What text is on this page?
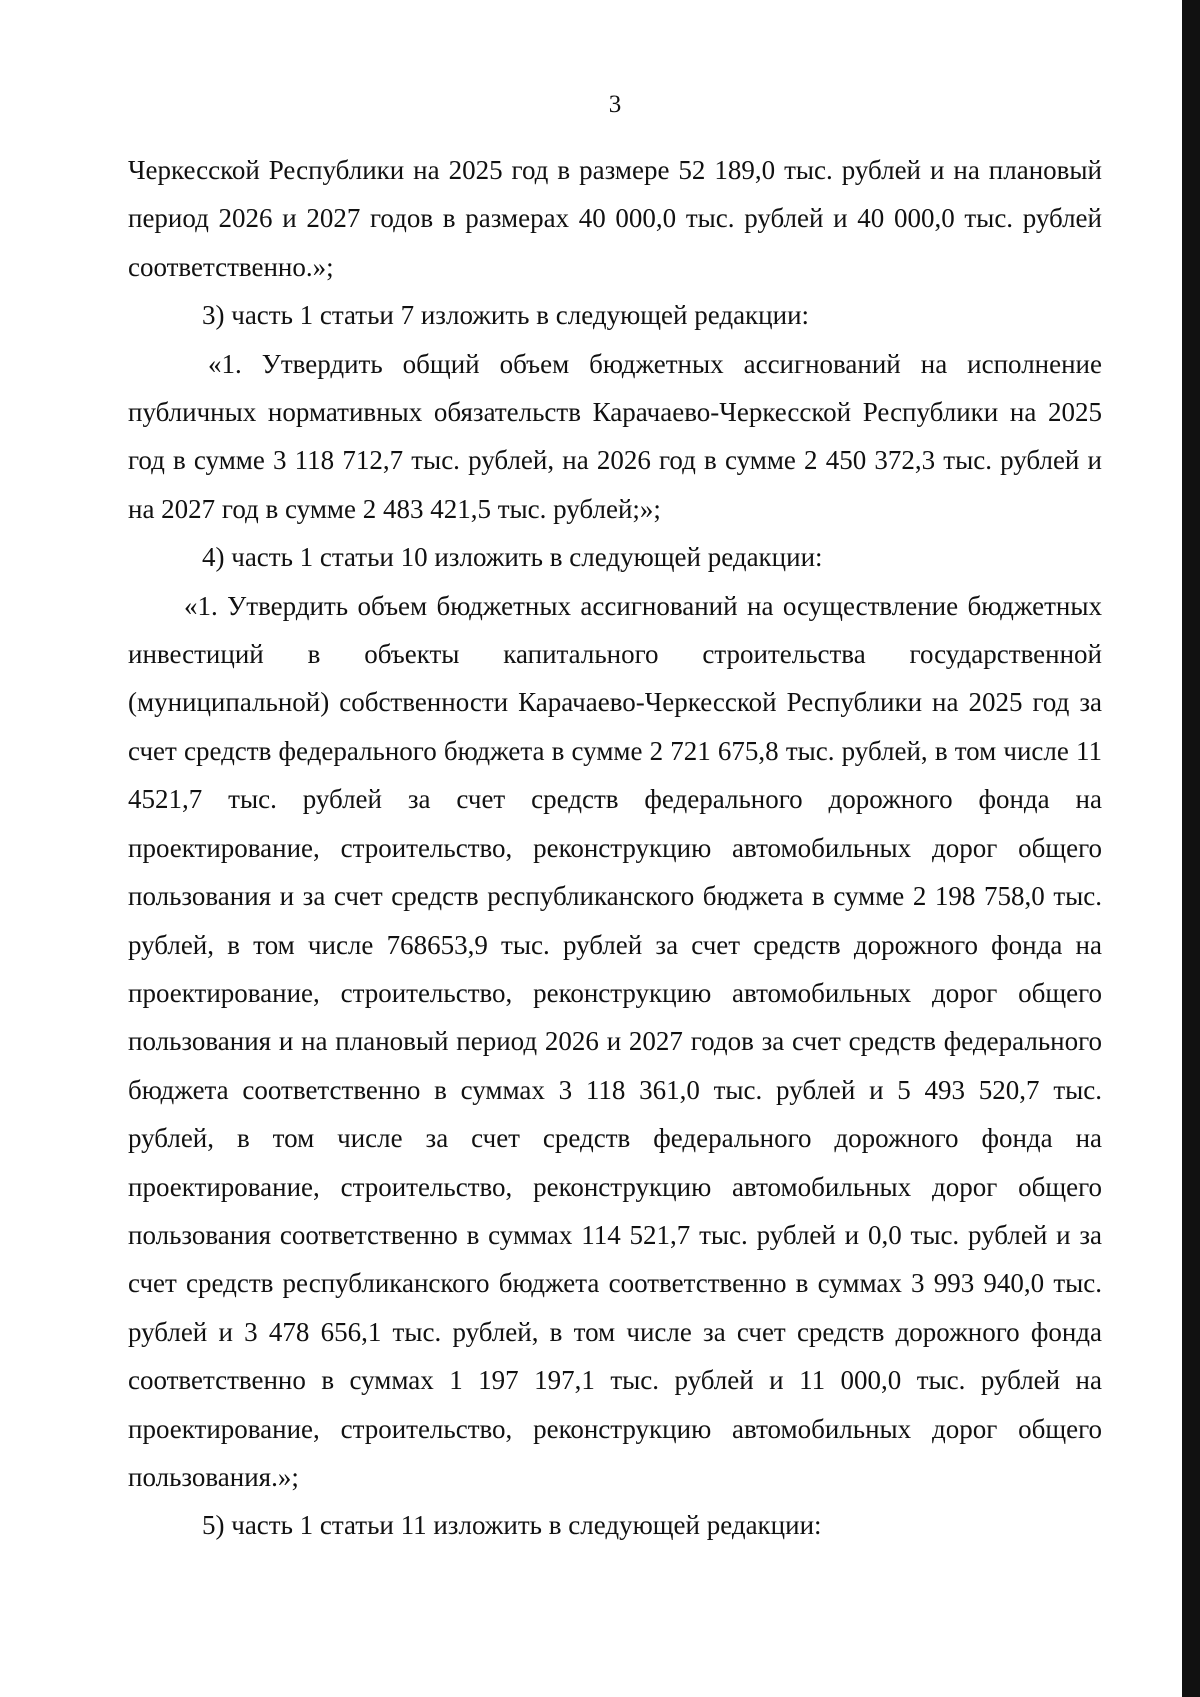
3

Черкесской Республики на 2025 год в размере 52 189,0 тыс. рублей и на плановый период 2026 и 2027 годов в размерах 40 000,0 тыс. рублей и 40 000,0 тыс. рублей соответственно.»;

3) часть 1 статьи 7 изложить в следующей редакции:

«1. Утвердить общий объем бюджетных ассигнований на исполнение публичных нормативных обязательств Карачаево-Черкесской Республики на 2025 год в сумме 3 118 712,7 тыс. рублей, на 2026 год в сумме 2 450 372,3 тыс. рублей и на 2027 год в сумме 2 483 421,5 тыс. рублей;»;

4) часть 1 статьи 10 изложить в следующей редакции:

«1. Утвердить объем бюджетных ассигнований на осуществление бюджетных инвестиций в объекты капитального строительства государственной (муниципальной) собственности Карачаево-Черкесской Республики на 2025 год за счет средств федерального бюджета в сумме 2 721 675,8 тыс. рублей, в том числе 11 4521,7 тыс. рублей за счет средств федерального дорожного фонда на проектирование, строительство, реконструкцию автомобильных дорог общего пользования и за счет средств республиканского бюджета в сумме 2 198 758,0 тыс. рублей, в том числе 768653,9 тыс. рублей за счет средств дорожного фонда на проектирование, строительство, реконструкцию автомобильных дорог общего пользования и на плановый период 2026 и 2027 годов за счет средств федерального бюджета соответственно в суммах 3 118 361,0 тыс. рублей и 5 493 520,7 тыс. рублей, в том числе за счет средств федерального дорожного фонда на проектирование, строительство, реконструкцию автомобильных дорог общего пользования соответственно в суммах 114 521,7 тыс. рублей и 0,0 тыс. рублей и за счет средств республиканского бюджета соответственно в суммах 3 993 940,0 тыс. рублей и 3 478 656,1 тыс. рублей, в том числе за счет средств дорожного фонда соответственно в суммах 1 197 197,1 тыс. рублей и 11 000,0 тыс. рублей на проектирование, строительство, реконструкцию автомобильных дорог общего пользования.»;

5) часть 1 статьи 11 изложить в следующей редакции:
